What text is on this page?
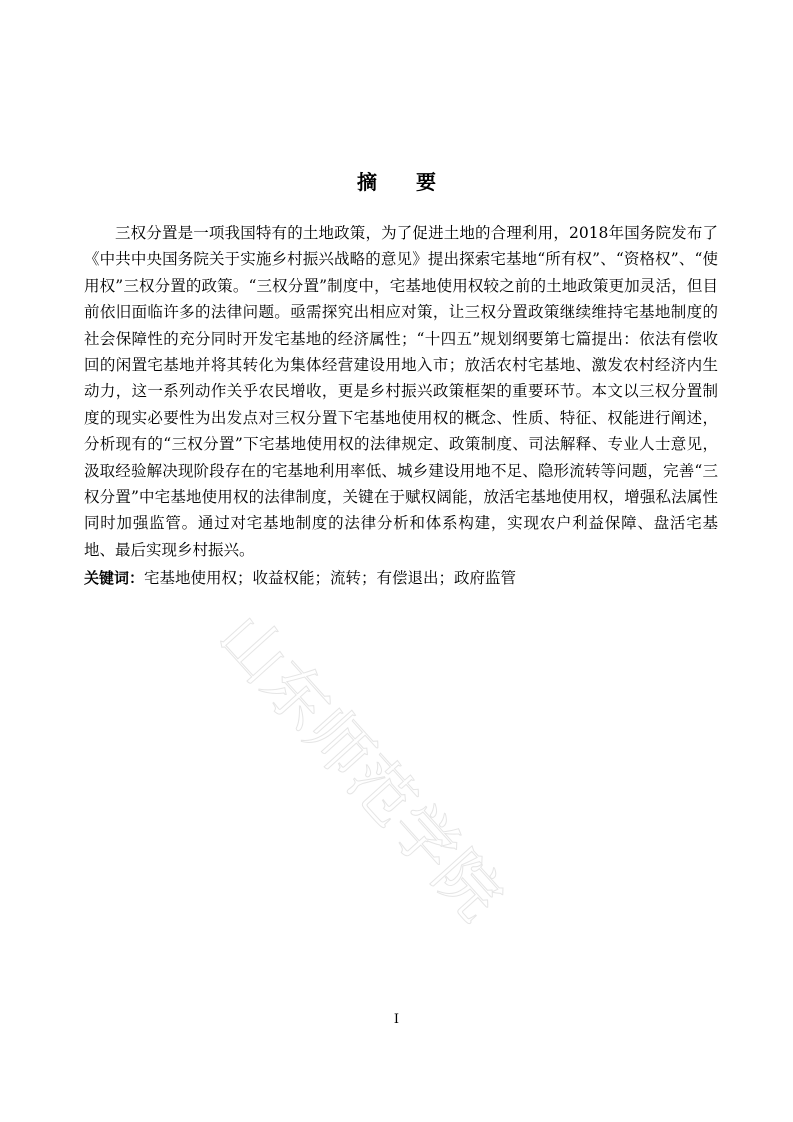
摘 要

三权分置是一项我国特有的土地政策，为了促进土地的合理利用，2018年国务院发布了《中共中央国务院关于实施乡村振兴战略的意见》提出探索宅基地“所有权”、“资格权”、“使用权”三权分置的政策。“三权分置”制度中，宅基地使用权较之前的土地政策更加灵活，但目前依旧面临许多的法律问题。亟需探究出相应对策，让三权分置政策继续维持宅基地制度的社会保障性的充分同时开发宅基地的经济属性；“十四五”规划纲要第七篇提出：依法有偿收回的闲置宅基地并将其转化为集体经营建设用地入市；放活农村宅基地、激发农村经济内生动力，这一系列动作关乎农民增收，更是乡村振兴政策框架的重要环节。本文以三权分置制度的现实必要性为出发点对三权分置下宅基地使用权的概念、性质、特征、权能进行阐述，分析现有的“三权分置”下宅基地使用权的法律规定、政策制度、司法解释、专业人士意见，汲取经验解决现阶段存在的宅基地利用率低、城乡建设用地不足、隐形流转等问题，完善“三权分置”中宅基地使用权的法律制度，关键在于赋权阔能，放活宅基地使用权，增强私法属性同时加强监管。通过对宅基地制度的法律分析和体系构建，实现农户利益保障、盘活宅基地、最后实现乡村振兴。

关键词：宅基地使用权；收益权能；流转；有偿退出；政府监管

山东师范学院
I
